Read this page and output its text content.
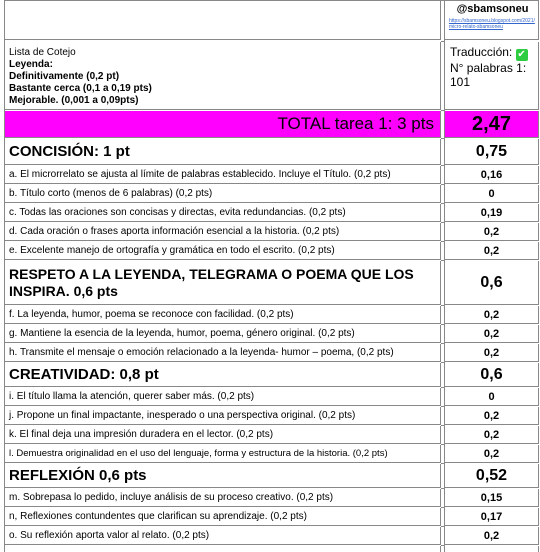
@sbamsoneu
https://sbamsoneu.blogspot.com/2021/micro-relato-sbamsoneu
Lista de Cotejo
Leyenda:
Definitivamente (0,2 pt)
Bastante cerca (0,1 a 0,19 pts)
Mejorable. (0,001 a 0,09pts)
Traducción: ✔
N° palabras 1:
101
TOTAL tarea 1: 3 pts 2,47
CONCISIÓN: 1 pt	0,75
a. El microrrelato se ajusta al límite de palabras establecido. Incluye el Título. (0,2 pts)	0,16
b. Título corto (menos de 6 palabras) (0,2 pts)	0
c. Todas las oraciones son concisas y directas, evita redundancias. (0,2 pts)	0,19
d. Cada oración o frases aporta información esencial a la historia. (0,2 pts)	0,2
e. Excelente manejo de ortografía y gramática en todo el escrito. (0,2 pts)	0,2
RESPETO A LA LEYENDA, TELEGRAMA O POEMA QUE LOS INSPIRA. 0,6 pts	0,6
f. La leyenda, humor, poema se reconoce con facilidad. (0,2 pts)	0,2
g. Mantiene la esencia de la leyenda, humor, poema, género original. (0,2 pts)	0,2
h. Transmite el mensaje o emoción relacionado a la leyenda- humor – poema, (0,2 pts)	0,2
CREATIVIDAD: 0,8 pt	0,6
i. El título llama la atención, querer saber más. (0,2 pts)	0
j. Propone un final impactante, inesperado o una perspectiva original. (0,2 pts)	0,2
k. El final deja una impresión duradera en el lector. (0,2 pts)	0,2
l. Demuestra originalidad en el uso del lenguaje, forma y estructura de la historia. (0,2 pts)	0,2
REFLEXIÓN 0,6 pts	0,52
m. Sobrepasa lo pedido, incluye análisis de su proceso creativo. (0,2 pts)	0,15
n, Reflexiones contundentes que clarifican su aprendizaje. (0,2 pts)	0,17
o. Su reflexión aporta valor al relato. (0,2 pts)	0,2
